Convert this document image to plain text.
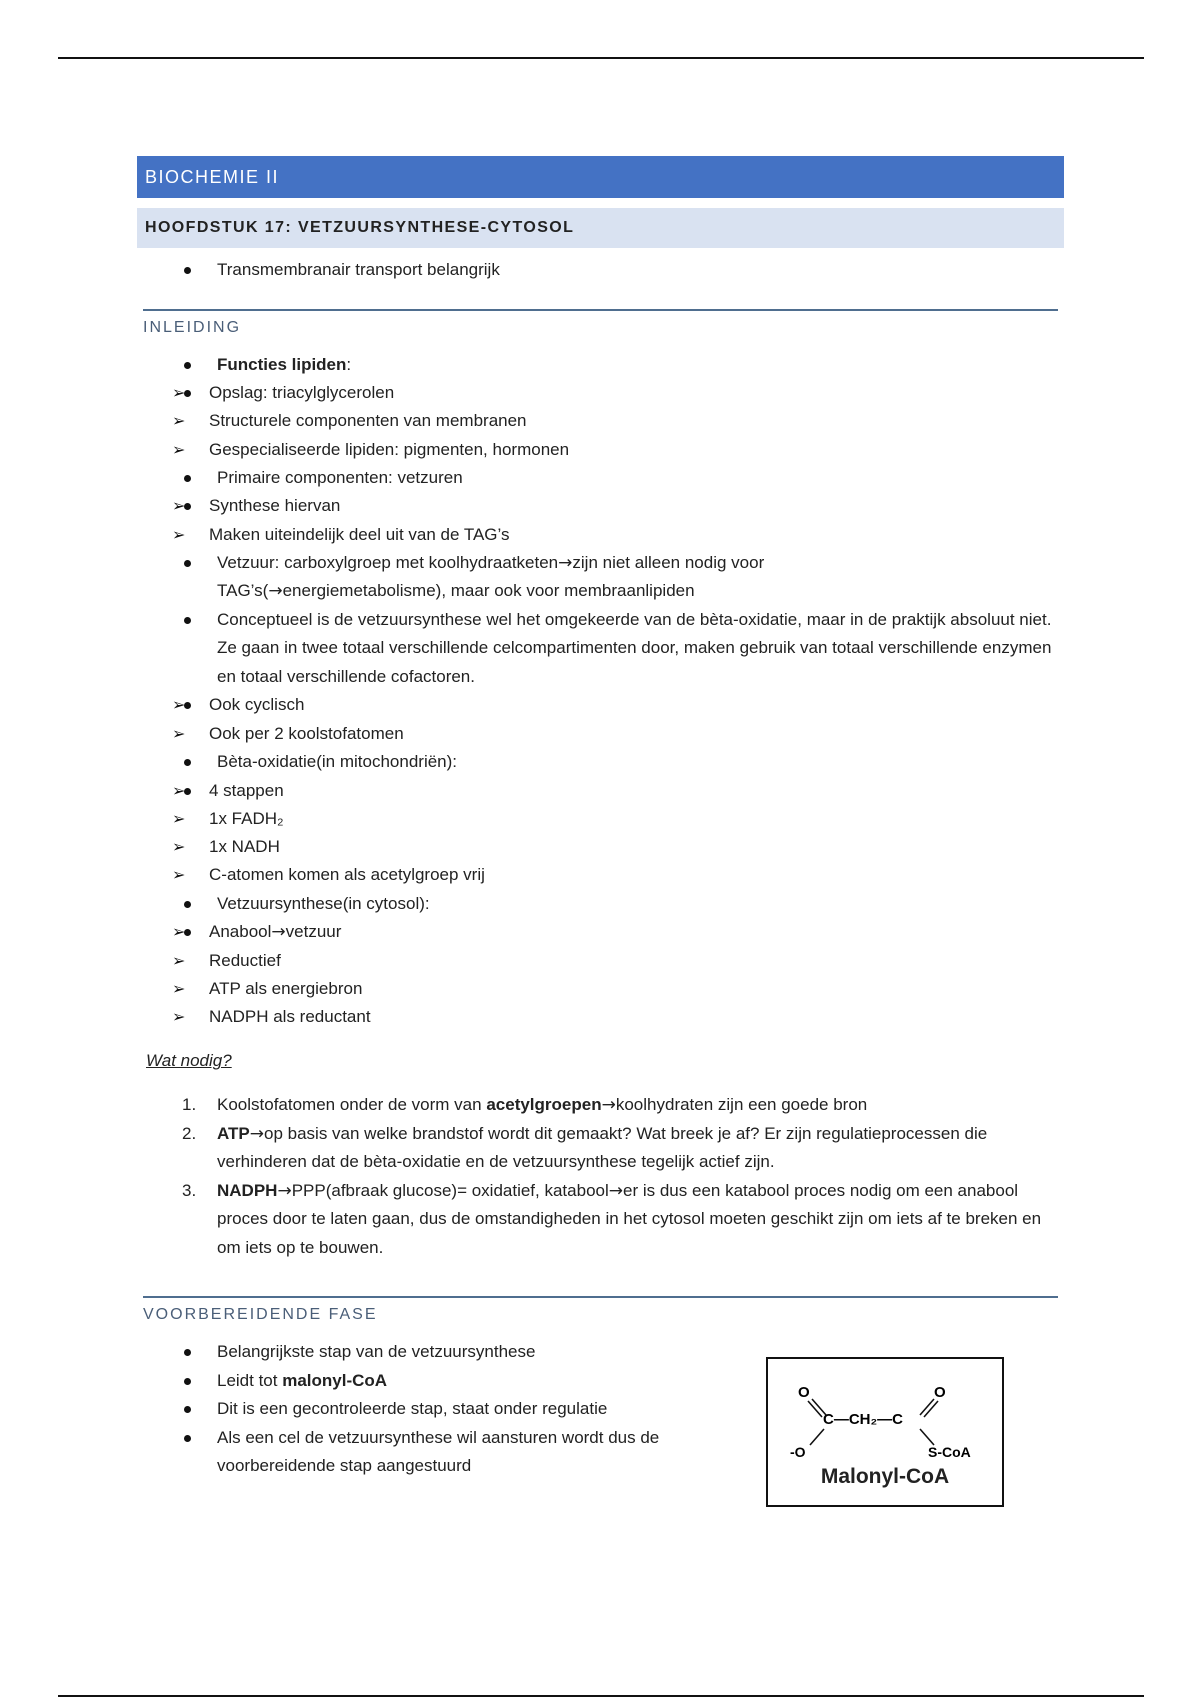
BIOCHEMIE II
HOOFDSTUK 17: VETZUURSYNTHESE-CYTOSOL
Transmembranair transport belangrijk
INLEIDING
Functies lipiden:
➢ Opslag: triacylglycerolen
➢ Structurele componenten van membranen
➢ Gespecialiseerde lipiden: pigmenten, hormonen
Primaire componenten: vetzuren
➢ Synthese hiervan
➢ Maken uiteindelijk deel uit van de TAG’s
Vetzuur: carboxylgroep met koolhydraatketen→zijn niet alleen nodig voor TAG’s(→energiemetabolisme), maar ook voor membraanlipiden
Conceptueel is de vetzuursynthese wel het omgekeerde van de bèta-oxidatie, maar in de praktijk absoluut niet. Ze gaan in twee totaal verschillende celcompartimenten door, maken gebruik van totaal verschillende enzymen en totaal verschillende cofactoren.
➢ Ook cyclisch
➢ Ook per 2 koolstofatomen
Bèta-oxidatie(in mitochondriën):
➢ 4 stappen
➢ 1x FADH₂
➢ 1x NADH
➢ C-atomen komen als acetylgroep vrij
Vetzuursynthese(in cytosol):
➢ Anabool→vetzuur
➢ Reductief
➢ ATP als energiebron
➢ NADPH als reductant
Wat nodig?
1. Koolstofatomen onder de vorm van acetylgroepen→koolhydraten zijn een goede bron
2. ATP→op basis van welke brandstof wordt dit gemaakt? Wat breek je af? Er zijn regulatieprocessen die verhinderen dat de bèta-oxidatie en de vetzuursynthese tegelijk actief zijn.
3. NADPH→PPP(afbraak glucose)= oxidatief, katabool→er is dus een katabool proces nodig om een anabool proces door te laten gaan, dus de omstandigheden in het cytosol moeten geschikt zijn om iets af te breken en om iets op te bouwen.
VOORBEREIDENDE FASE
Belangrijkste stap van de vetzuursynthese
Leidt tot malonyl-CoA
Dit is een gecontroleerde stap, staat onder regulatie
Als een cel de vetzuursynthese wil aansturen wordt dus de voorbereidende stap aangestuurd
O	O
C—CH₂—C
-O	S-CoA
Malonyl-CoA
